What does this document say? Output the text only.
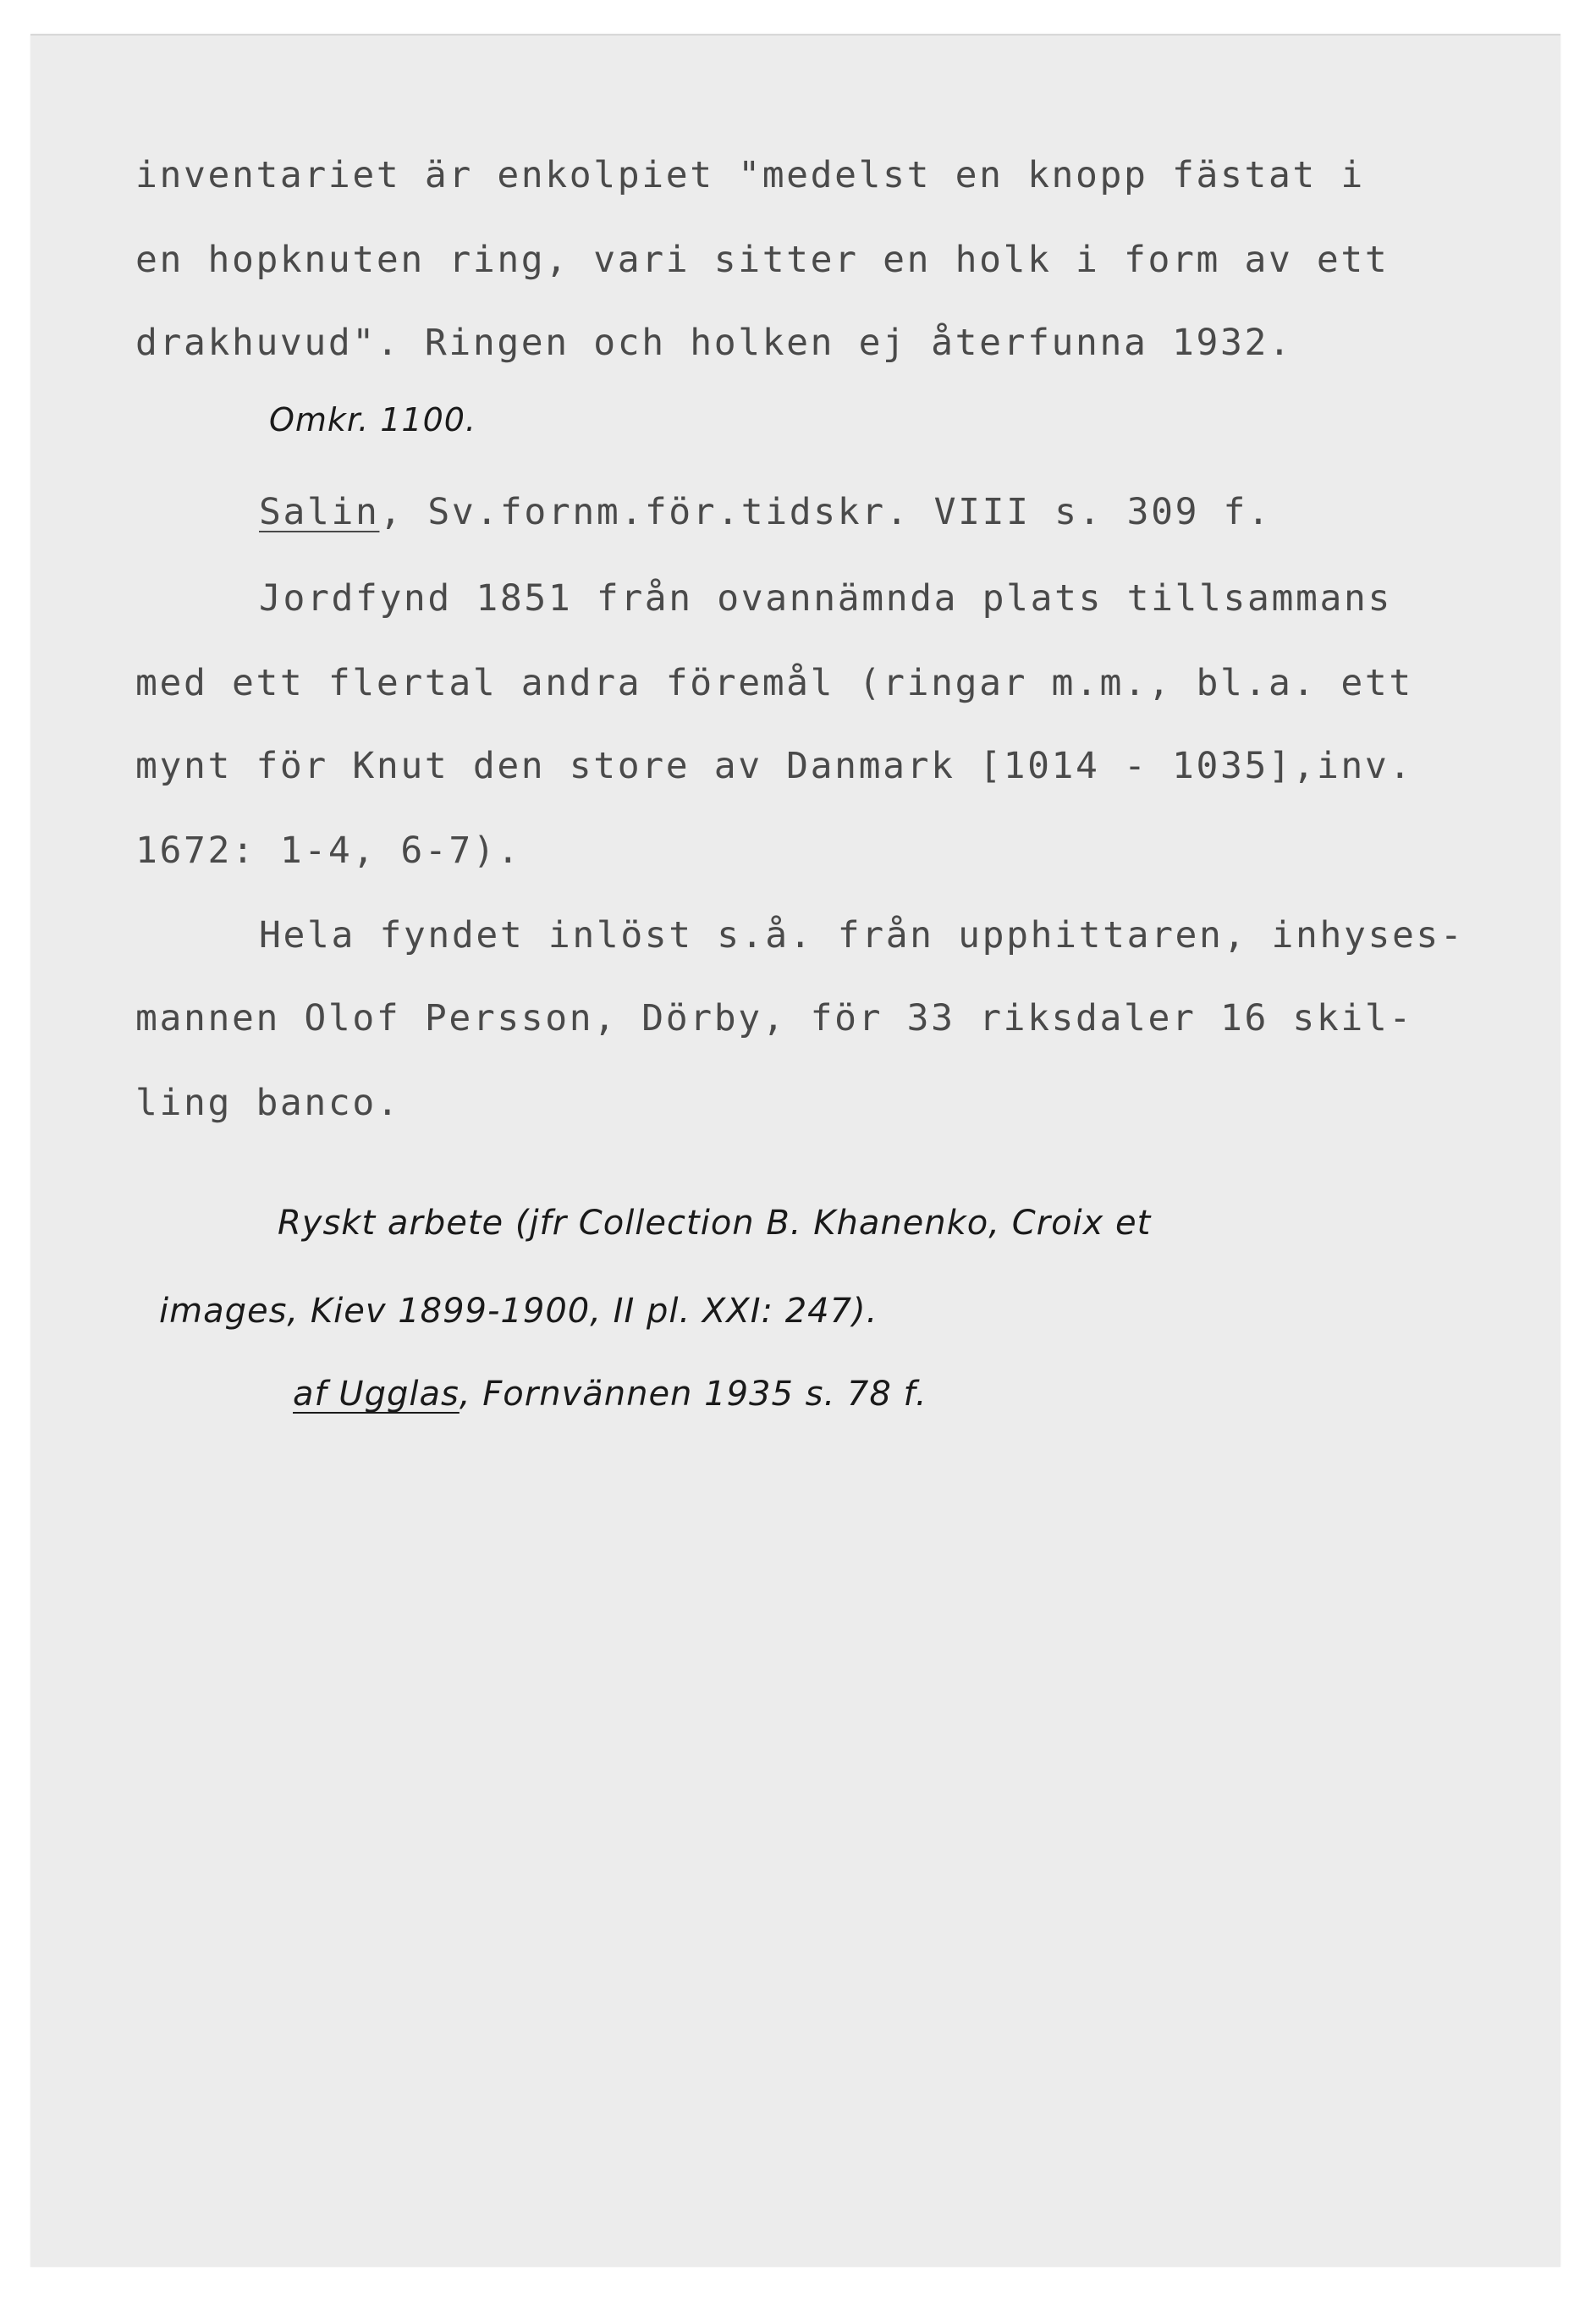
inventariet är enkolpiet "medelst en knopp fästat i
en hopknuten ring, vari sitter en holk i form av ett
drakhuvud". Ringen och holken ej återfunna 1932.
Omkr. 1100.
Salin, Sv.fornm.för.tidskr. VIII s. 309 f.
Jordfynd 1851 från ovannämnda plats tillsammans
med ett flertal andra föremål (ringar m.m., bl.a. ett
mynt för Knut den store av Danmark [1014 - 1035],inv.
1672: 1-4, 6-7).
Hela fyndet inlöst s.å. från upphittaren, inhyses-
mannen Olof Persson, Dörby, för 33 riksdaler 16 skil-
ling banco.
Ryskt arbete (jfr Collection B. Khanenko, Croix et
images, Kiev 1899-1900, II pl. XXI: 247).
af Ugglas, Fornvännen 1935 s. 78 f.
